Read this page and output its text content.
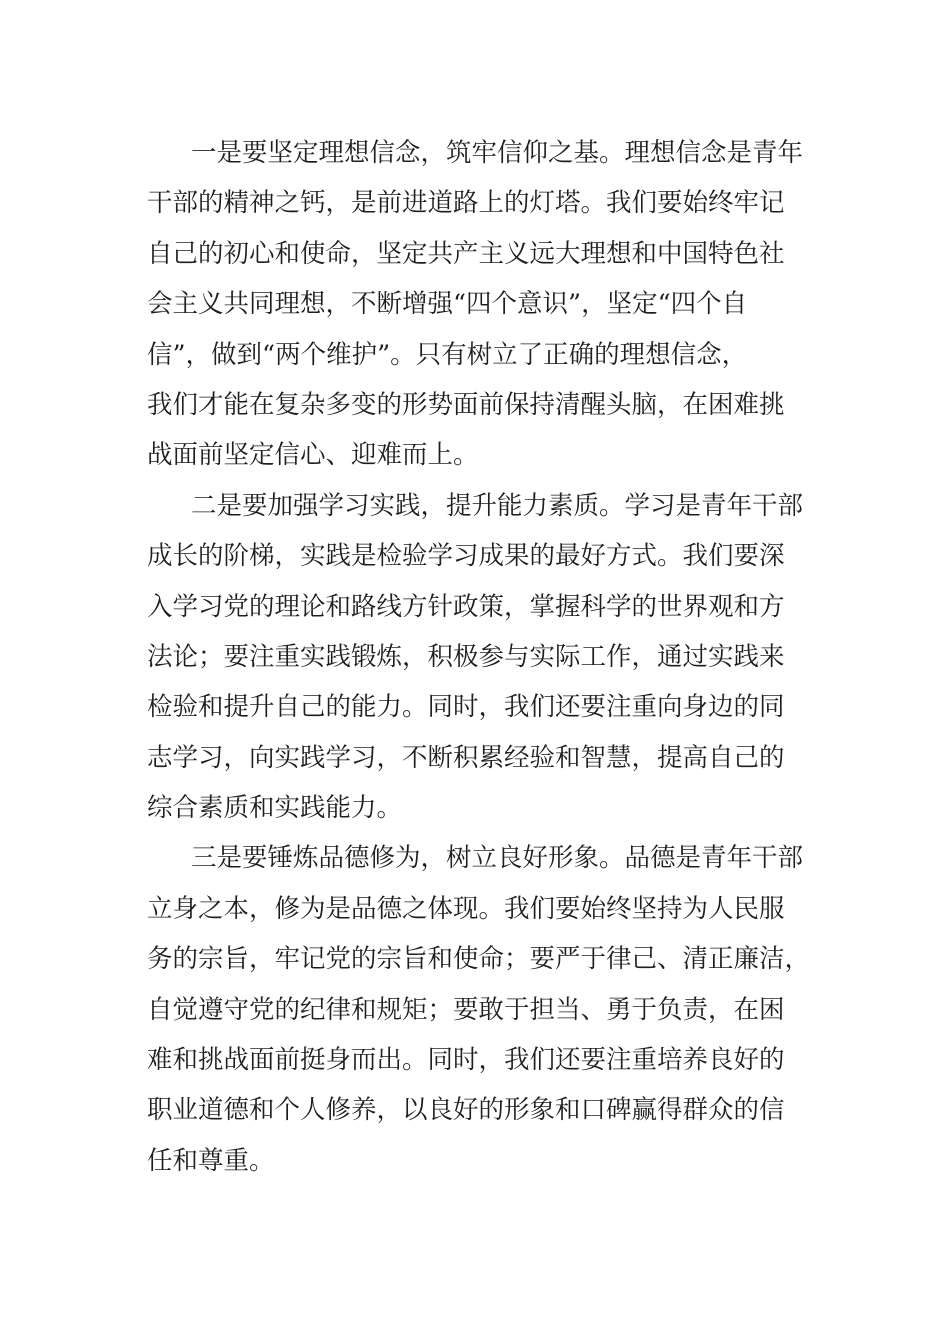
一是要坚定理想信念，筑牢信仰之基。理想信念是青年
干部的精神之钙，是前进道路上的灯塔。我们要始终牢记
自己的初心和使命，坚定共产主义远大理想和中国特色社
会主义共同理想，不断增强“四个意识”，坚定“四个自
信”，做到“两个维护”。只有树立了正确的理想信念，
我们才能在复杂多变的形势面前保持清醒头脑，在困难挑
战面前坚定信心、迎难而上。
二是要加强学习实践，提升能力素质。学习是青年干部
成长的阶梯，实践是检验学习成果的最好方式。我们要深
入学习党的理论和路线方针政策，掌握科学的世界观和方
法论；要注重实践锻炼，积极参与实际工作，通过实践来
检验和提升自己的能力。同时，我们还要注重向身边的同
志学习，向实践学习，不断积累经验和智慧，提高自己的
综合素质和实践能力。
三是要锤炼品德修为，树立良好形象。品德是青年干部
立身之本，修为是品德之体现。我们要始终坚持为人民服
务的宗旨，牢记党的宗旨和使命；要严于律己、清正廉洁，
自觉遵守党的纪律和规矩；要敢于担当、勇于负责，在困
难和挑战面前挺身而出。同时，我们还要注重培养良好的
职业道德和个人修养，以良好的形象和口碑赢得群众的信
任和尊重。
